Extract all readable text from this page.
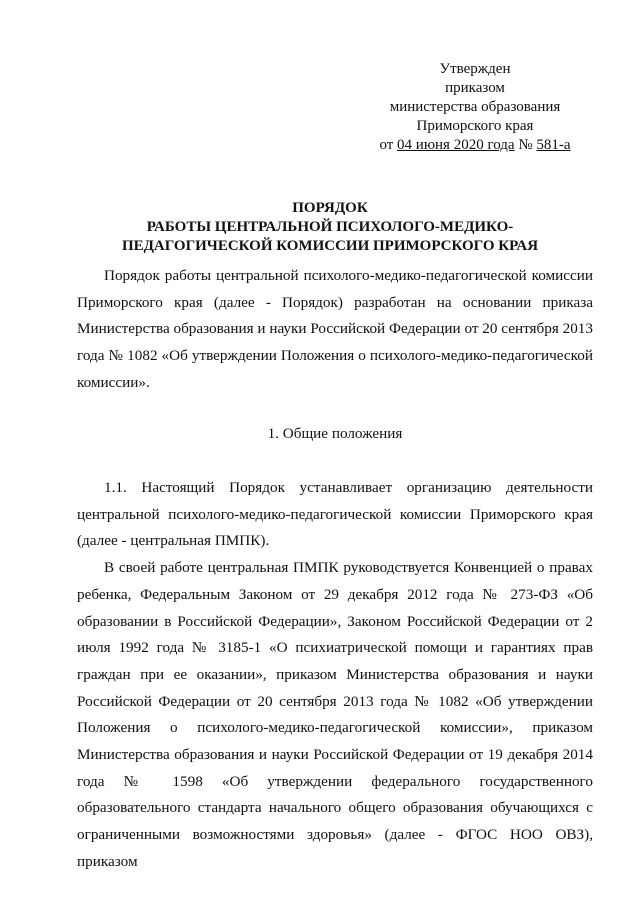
Утвержден
приказом
министерства образования
Приморского края
от 04 июня 2020 года № 581-а
ПОРЯДОК
РАБОТЫ ЦЕНТРАЛЬНОЙ ПСИХОЛОГО-МЕДИКО-
ПЕДАГОГИЧЕСКОЙ КОМИССИИ ПРИМОРСКОГО КРАЯ

Порядок работы центральной психолого-медико-педагогической комиссии Приморского края (далее - Порядок) разработан на основании приказа Министерства образования и науки Российской Федерации от 20 сентября 2013 года № 1082 «Об утверждении Положения о психолого-медико-педагогической комиссии».

1. Общие положения

1.1. Настоящий Порядок устанавливает организацию деятельности центральной психолого-медико-педагогической комиссии Приморского края (далее - центральная ПМПК).

В своей работе центральная ПМПК руководствуется Конвенцией о правах ребенка, Федеральным Законом от 29 декабря 2012 года № 273-ФЗ «Об образовании в Российской Федерации», Законом Российской Федерации от 2 июля 1992 года № 3185-1 «О психиатрической помощи и гарантиях прав граждан при ее оказании», приказом Министерства образования и науки Российской Федерации от 20 сентября 2013 года № 1082 «Об утверждении Положения о психолого-медико-педагогической комиссии», приказом Министерства образования и науки Российской Федерации от 19 декабря 2014 года № 1598 «Об утверждении федерального государственного образовательного стандарта начального общего образования обучающихся с ограниченными возможностями здоровья» (далее - ФГОС НОО ОВЗ), приказом
